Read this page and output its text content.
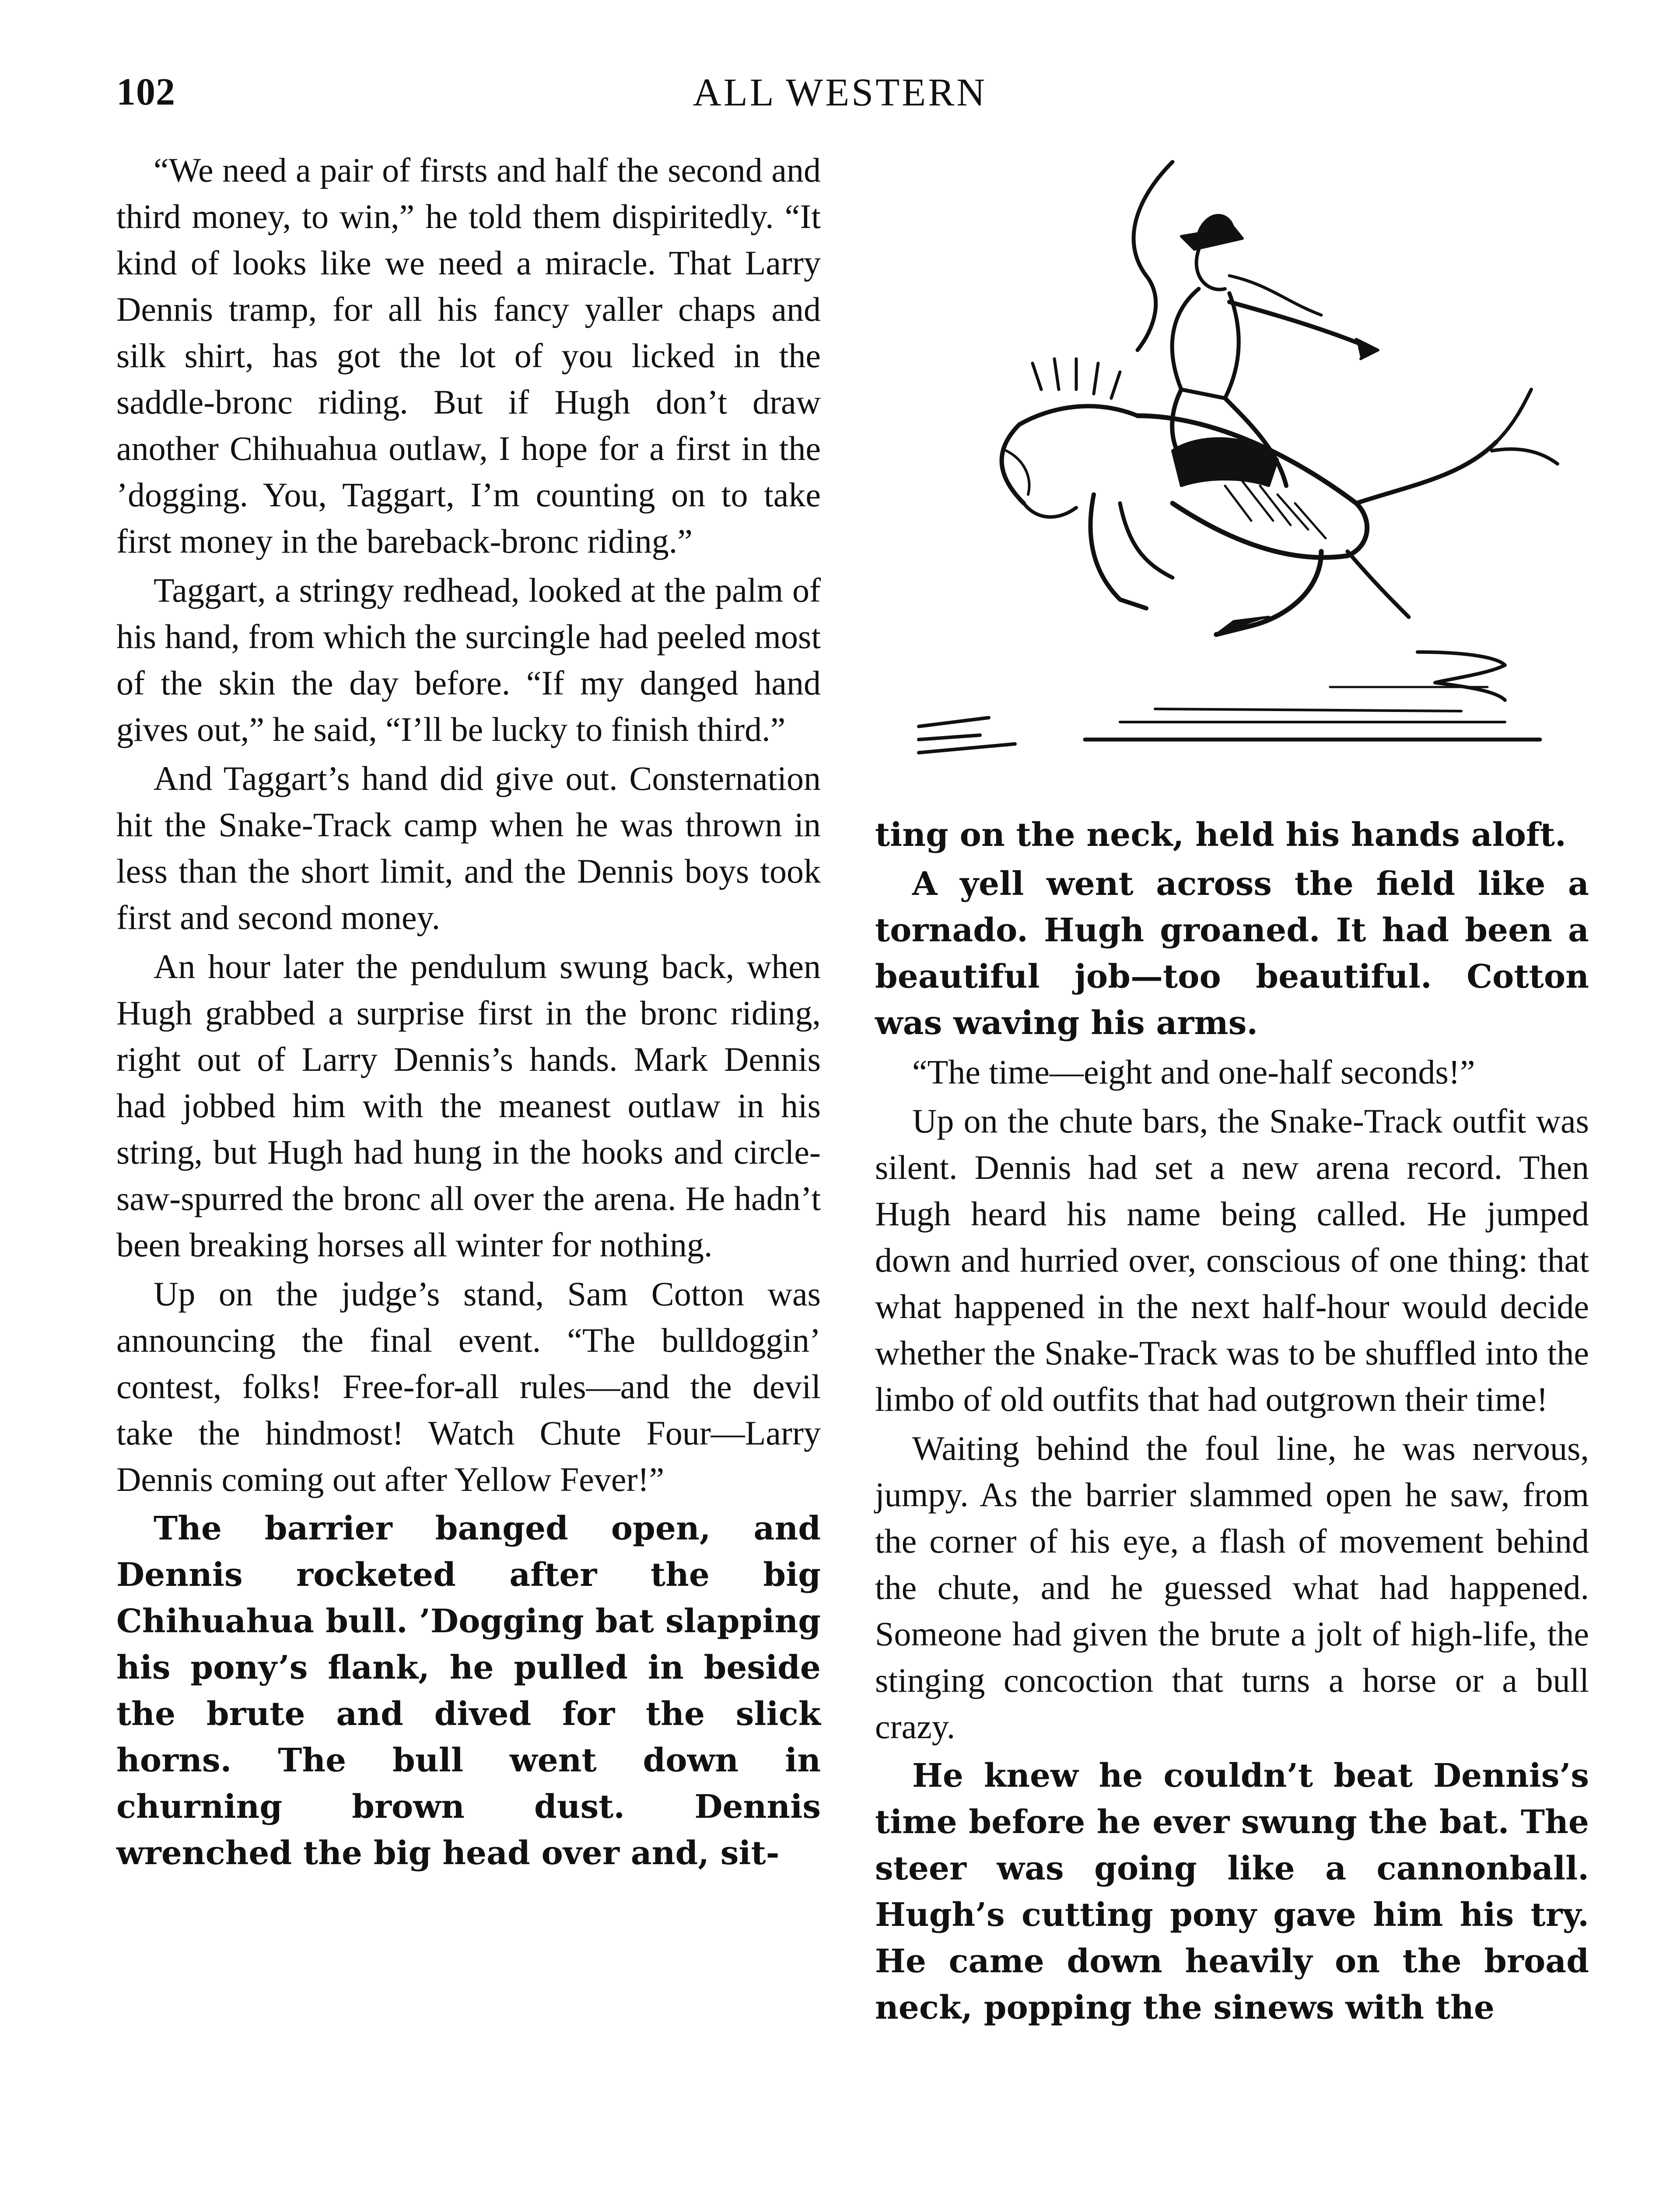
102	ALL WESTERN

“We need a pair of firsts and half the second and third money, to win,” he told them dispiritedly. “It kind of looks like we need a miracle. That Larry Dennis tramp, for all his fancy yaller chaps and silk shirt, has got the lot of you licked in the saddle-bronc riding. But if Hugh don’t draw another Chihuahua outlaw, I hope for a first in the ’dogging. You, Taggart, I’m counting on to take first money in the bareback-bronc riding.”

Taggart, a stringy redhead, looked at the palm of his hand, from which the surcingle had peeled most of the skin the day before. “If my danged hand gives out,” he said, “I’ll be lucky to finish third.”

And Taggart’s hand did give out. Consternation hit the Snake-Track camp when he was thrown in less than the short limit, and the Dennis boys took first and second money.

An hour later the pendulum swung back, when Hugh grabbed a surprise first in the bronc riding, right out of Larry Dennis’s hands. Mark Dennis had jobbed him with the meanest outlaw in his string, but Hugh had hung in the hooks and circle-saw-spurred the bronc all over the arena. He hadn’t been breaking horses all winter for nothing.

Up on the judge’s stand, Sam Cotton was announcing the final event. “The bulldoggin’ contest, folks! Free-for-all rules—and the devil take the hindmost! Watch Chute Four—Larry Dennis coming out after Yellow Fever!”

The barrier banged open, and Dennis rocketed after the big Chihuahua bull. ’Dogging bat slapping his pony’s flank, he pulled in beside the brute and dived for the slick horns. The bull went down in churning brown dust. Dennis wrenched the big head over and, sit-

ting on the neck, held his hands aloft.

A yell went across the field like a tornado. Hugh groaned. It had been a beautiful job—too beautiful. Cotton was waving his arms.

“The time—eight and one-half seconds!”

Up on the chute bars, the Snake-Track outfit was silent. Dennis had set a new arena record. Then Hugh heard his name being called. He jumped down and hurried over, conscious of one thing: that what happened in the next half-hour would decide whether the Snake-Track was to be shuffled into the limbo of old outfits that had outgrown their time!

Waiting behind the foul line, he was nervous, jumpy. As the barrier slammed open he saw, from the corner of his eye, a flash of movement behind the chute, and he guessed what had happened. Someone had given the brute a jolt of high-life, the stinging concoction that turns a horse or a bull crazy.

He knew he couldn’t beat Dennis’s time before he ever swung the bat. The steer was going like a cannonball. Hugh’s cutting pony gave him his try. He came down heavily on the broad neck, popping the sinews with the
